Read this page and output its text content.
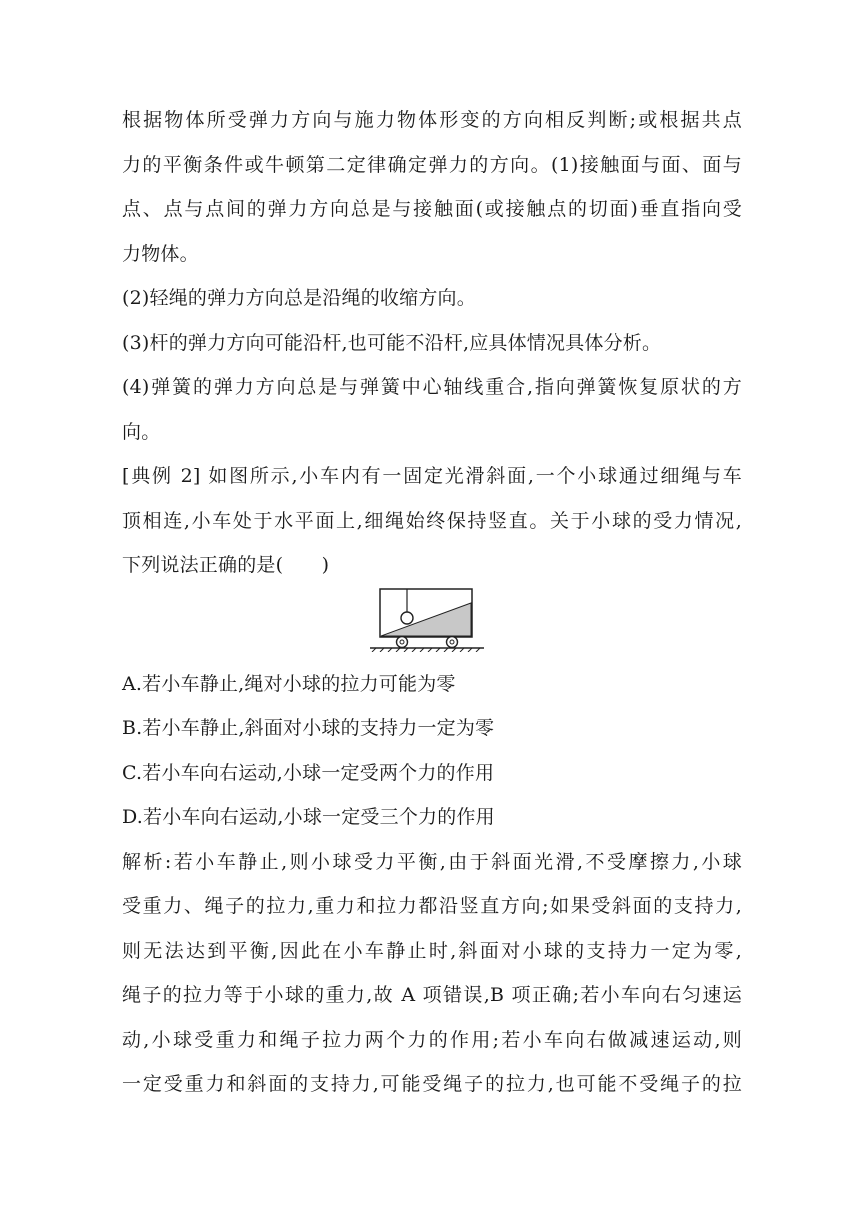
根据物体所受弹力方向与施力物体形变的方向相反判断;或根据共点
力的平衡条件或牛顿第二定律确定弹力的方向。(1)接触面与面、面与
点、点与点间的弹力方向总是与接触面(或接触点的切面)垂直指向受
力物体。
(2)轻绳的弹力方向总是沿绳的收缩方向。
(3)杆的弹力方向可能沿杆,也可能不沿杆,应具体情况具体分析。
(4)弹簧的弹力方向总是与弹簧中心轴线重合,指向弹簧恢复原状的方
向。
[典例 2] 如图所示,小车内有一固定光滑斜面,一个小球通过细绳与车
顶相连,小车处于水平面上,细绳始终保持竖直。关于小球的受力情况,
下列说法正确的是(　　)
A.若小车静止,绳对小球的拉力可能为零
B.若小车静止,斜面对小球的支持力一定为零
C.若小车向右运动,小球一定受两个力的作用
D.若小车向右运动,小球一定受三个力的作用
解析:若小车静止,则小球受力平衡,由于斜面光滑,不受摩擦力,小球
受重力、绳子的拉力,重力和拉力都沿竖直方向;如果受斜面的支持力,
则无法达到平衡,因此在小车静止时,斜面对小球的支持力一定为零,
绳子的拉力等于小球的重力,故 A 项错误,B 项正确;若小车向右匀速运
动,小球受重力和绳子拉力两个力的作用;若小车向右做减速运动,则
一定受重力和斜面的支持力,可能受绳子的拉力,也可能不受绳子的拉
